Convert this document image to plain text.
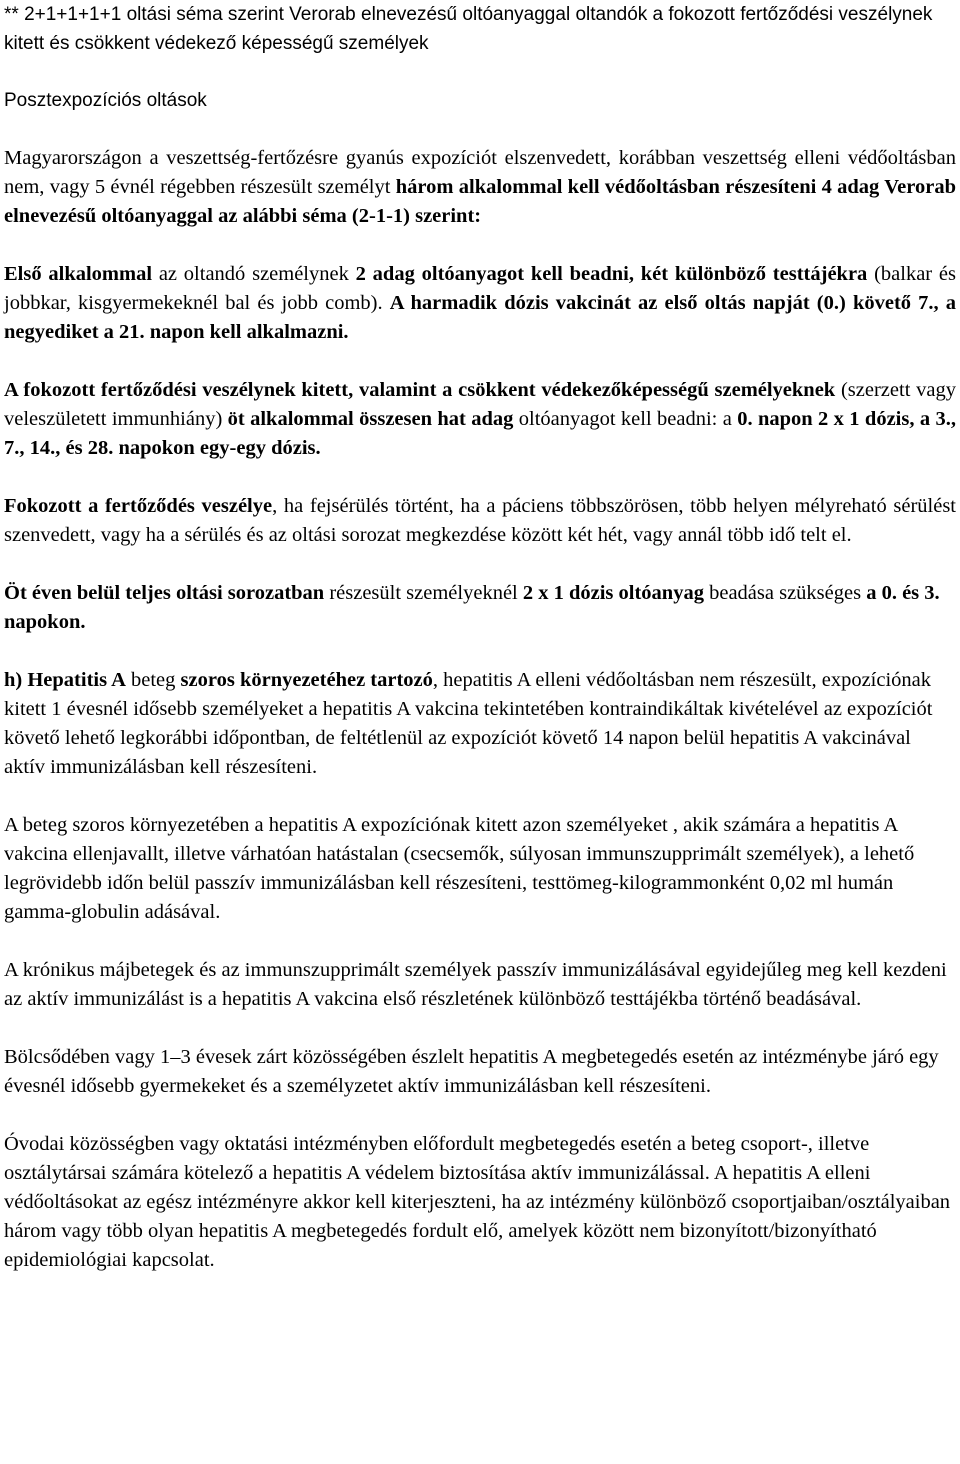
** 2+1+1+1+1 oltási séma szerint Verorab elnevezésű oltóanyaggal oltandók a fokozott fertőződési veszélynek kitett és csökkent védekező képességű személyek

Posztexpozíciós oltások

Magyarországon a veszettség-fertőzésre gyanús expozíciót elszenvedett, korábban veszettség elleni védőoltásban nem, vagy 5 évnél régebben részesült személyt három alkalommal kell védőoltásban részesíteni 4 adag Verorab elnevezésű oltóanyaggal az alábbi séma (2-1-1) szerint:

Első alkalommal az oltandó személynek 2 adag oltóanyagot kell beadni, két különböző testtájékra (balkar és jobbkar, kisgyermekeknél bal és jobb comb). A harmadik dózis vakcinát az első oltás napját (0.) követő 7., a negyediket a 21. napon kell alkalmazni.

A fokozott fertőződési veszélynek kitett, valamint a csökkent védekezőképességű személyeknek (szerzett vagy veleszületett immunhiány) öt alkalommal összesen hat adag oltóanyagot kell beadni: a 0. napon 2 x 1 dózis, a 3., 7., 14., és 28. napokon egy-egy dózis.

Fokozott a fertőződés veszélye, ha fejsérülés történt, ha a páciens többszörösen, több helyen mélyreható sérülést szenvedett, vagy ha a sérülés és az oltási sorozat megkezdése között két hét, vagy annál több idő telt el.

Öt éven belül teljes oltási sorozatban részesült személyeknél 2 x 1 dózis oltóanyag beadása szükséges a 0. és 3. napokon.

h) Hepatitis A beteg szoros környezetéhez tartozó, hepatitis A elleni védőoltásban nem részesült, expozíciónak kitett 1 évesnél idősebb személyeket a hepatitis A vakcina tekintetében kontraindikáltak kivételével az expozíciót követő lehető legkorábbi időpontban, de feltétlenül az expozíciót követő 14 napon belül hepatitis A vakcinával aktív immunizálásban kell részesíteni.

A beteg szoros környezetében a hepatitis A expozíciónak kitett azon személyeket , akik számára a hepatitis A vakcina ellenjavallt, illetve várhatóan hatástalan (csecsemők, súlyosan immunszupprimált személyek), a lehető legrövidebb időn belül passzív immunizálásban kell részesíteni, testtömeg-kilogrammonként 0,02 ml humán gamma-globulin adásával.

A krónikus májbetegek és az immunszupprimált személyek passzív immunizálásával egyidejűleg meg kell kezdeni az aktív immunizálást is a hepatitis A vakcina első részletének különböző testtájékba történő beadásával.

Bölcsődében vagy 1–3 évesek zárt közösségében észlelt hepatitis A megbetegedés esetén az intézménybe járó egy évesnél idősebb gyermekeket és a személyzetet aktív immunizálásban kell részesíteni.

Óvodai közösségben vagy oktatási intézményben előfordult megbetegedés esetén a beteg csoport-, illetve osztálytársai számára kötelező a hepatitis A védelem biztosítása aktív immunizálással. A hepatitis A elleni védőoltásokat az egész intézményre akkor kell kiterjeszteni, ha az intézmény különböző csoportjaiban/osztályaiban három vagy több olyan hepatitis A megbetegedés fordult elő, amelyek között nem bizonyított/bizonyítható epidemiológiai kapcsolat.
